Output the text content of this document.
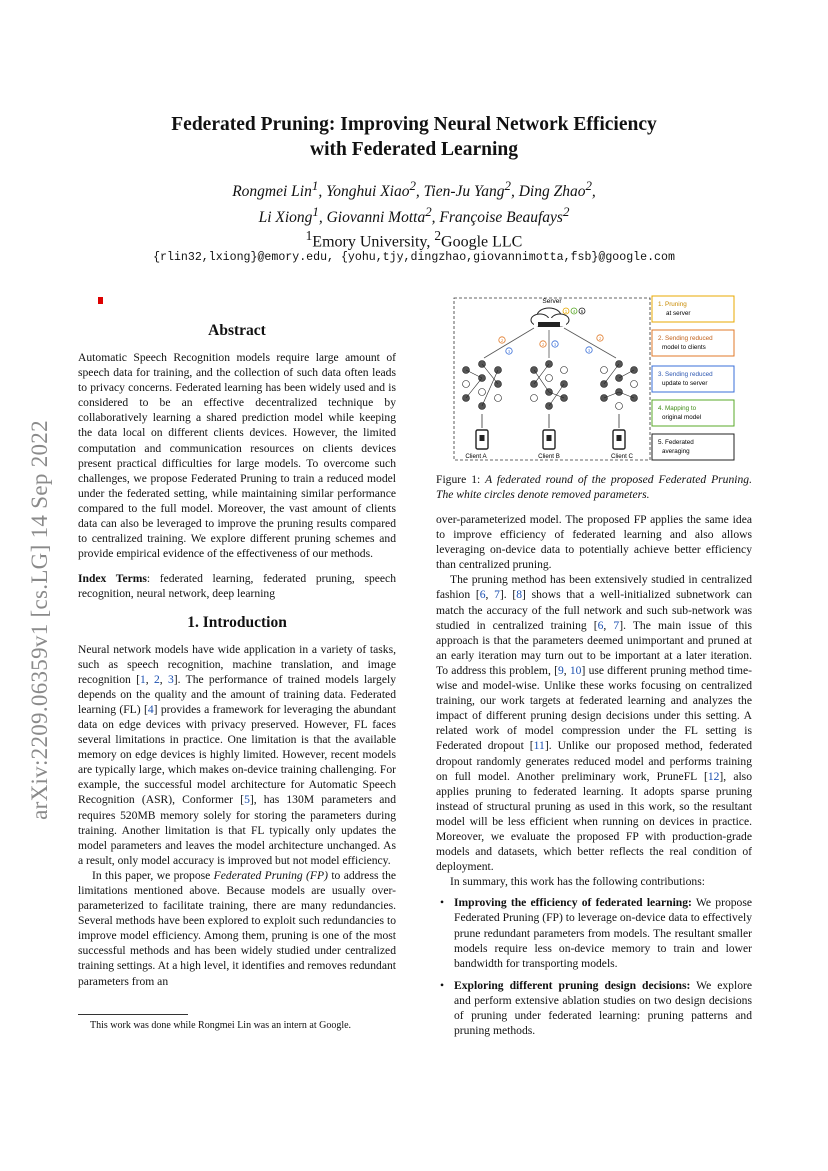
arXiv:2209.06359v1 [cs.LG] 14 Sep 2022
Federated Pruning: Improving Neural Network Efficiency
with Federated Learning
Rongmei Lin$^1$, Yonghui Xiao$^2$, Tien-Ju Yang$^2$, Ding Zhao$^2$,
Li Xiong$^1$, Giovanni Motta$^2$, Françoise Beaufays$^2$
$^1$Emory University, $^2$Google LLC
{rlin32,lxiong}@emory.edu, {yohu,tjy,dingzhao,giovannimotta,fsb}@google.com
Abstract

Automatic Speech Recognition models require large amount of speech data for training, and the collection of such data often leads to privacy concerns. Federated learning has been widely used and is considered to be an effective decentralized technique by collaboratively learning a shared prediction model while keeping the data local on different clients devices. However, the limited computation and communication resources on clients devices present practical difficulties for large models. To overcome such challenges, we propose Federated Pruning to train a reduced model under the federated setting, while maintaining similar performance compared to the full model. Moreover, the vast amount of clients data can also be leveraged to improve the pruning results compared to centralized training. We explore different pruning schemes and provide empirical evidence of the effectiveness of our methods.

Index Terms: federated learning, federated pruning, speech recognition, neural network, deep learning

1. Introduction

Neural network models have wide application in a variety of tasks, such as speech recognition, machine translation, and image recognition [1, 2, 3]. The performance of trained models largely depends on the quality and the amount of training data. Federated learning (FL) [4] provides a framework for leveraging the abundant data on edge devices with privacy preserved. However, FL faces several limitations in practice. One limitation is that the available memory on edge devices is highly limited. However, recent models are typically large, which makes on-device training challenging. For example, the successful model architecture for Automatic Speech Recognition (ASR), Conformer [5], has 130M parameters and requires 520MB memory solely for storing the parameters during training. Another limitation is that FL typically only updates the model parameters and leaves the model architecture unchanged. As a result, only model accuracy is improved but not model efficiency.

In this paper, we propose Federated Pruning (FP) to address the limitations mentioned above. Because models are usually over-parameterized to facilitate training, there are many redundancies. Several methods have been explored to exploit such redundancies to improve model efficiency. Among them, pruning is one of the most successful methods and has been widely studied under centralized training settings. At a high level, it identifies and removes redundant parameters from an

This work was done while Rongmei Lin was an intern at Google.
Server
1 4 5
2
3
2 3
2
3
Client A	Client B	Client C
1. Pruning
at server
2. Sending reduced
model to clients
3. Sending reduced
update to server
4. Mapping to
original model
5. Federated
averaging

Figure 1: A federated round of the proposed Federated Pruning. The white circles denote removed parameters.

over-parameterized model. The proposed FP applies the same idea to improve efficiency of federated learning and also allows leveraging on-device data to potentially achieve better efficiency than centralized pruning.

The pruning method has been extensively studied in centralized fashion [6, 7]. [8] shows that a well-initialized subnetwork can match the accuracy of the full network and such sub-network was studied in centralized training [6, 7]. The main issue of this approach is that the parameters deemed unimportant and pruned at an early iteration may turn out to be important at a later iteration. To address this problem, [9, 10] use different pruning method time-wise and model-wise. Unlike these works focusing on centralized training, our work targets at federated learning and analyzes the impact of different pruning design decisions under this setting. A related work of model compression under the FL setting is Federated dropout [11]. Unlike our proposed method, federated dropout randomly generates reduced model and performs training on full model. Another preliminary work, PruneFL [12], also applies pruning to federated learning. It adopts sparse pruning instead of structural pruning as used in this work, so the resultant model will be less efficient when running on devices in practice. Moreover, we evaluate the proposed FP with production-grade models and datasets, which better reflects the real condition of deployment.

In summary, this work has the following contributions:

• Improving the efficiency of federated learning: We propose Federated Pruning (FP) to leverage on-device data to effectively prune redundant parameters from models. The resultant smaller models require less on-device memory to train and lower bandwidth for transporting models.
• Exploring different pruning design decisions: We explore and perform extensive ablation studies on two design decisions of pruning under federated learning: pruning patterns and pruning methods.
